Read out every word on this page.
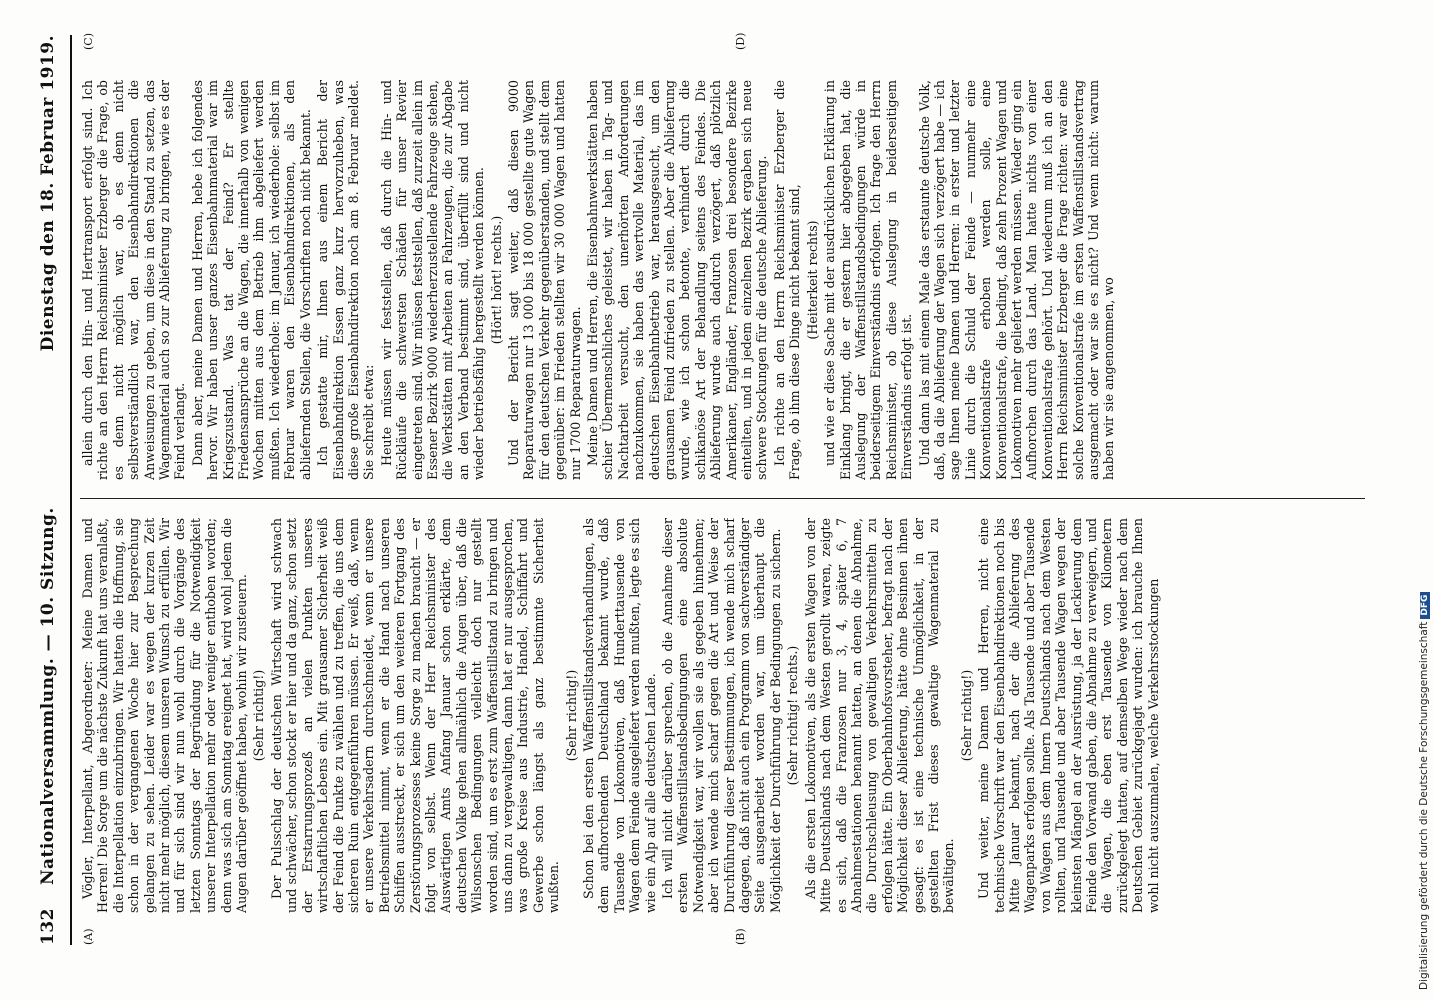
132
Nationalversammlung. — 10. Sitzung.
Dienstag den 18. Februar 1919.
(A)	(B)
(C)	(D)

Vögler, Interpellant, Abgeordneter: Meine Damen und Herren! Die Sorge um die nächste Zukunft hat uns veranlaßt, die Interpellation einzubringen. Wir hatten die Hoffnung, sie schon in der vergangenen Woche hier zur Besprechung gelangen zu sehen. Leider war es wegen der kurzen Zeit nicht mehr möglich, diesem unseren Wunsch zu erfüllen. Wir und für sich sind wir nun wohl durch die Vorgänge des letzten Sonntags der Begründung für die Notwendigkeit unserer Interpellation mehr oder weniger enthoben worden; denn was sich am Sonntag ereignet hat, wird wohl jedem die Augen darüber geöffnet haben, wohin wir zusteuern. (Sehr richtig!) Der Pulsschlag der deutschen Wirtschaft wird schwach und schwächer, schon stockt er hier und da ganz, schon setzt der Erstarrungsprozeß an vielen Punkten unseres wirtschaftlichen Lebens ein. Mit grausamer Sicherheit weiß der Feind die Punkte zu wählen und zu treffen, die uns dem sicheren Ruin entgegenführen müssen. Er weiß, daß, wenn er unsere Verkehrsadern durchschneidet, wenn er unsere Betriebsmittel nimmt, wenn er die Hand nach unseren Schiffen ausstreckt, er sich um den weiteren Fortgang des Zerstörungsprozesses keine Sorge zu machen braucht — er folgt von selbst. Wenn der Herr Reichsminister des Auswärtigen Amts Anfang Januar schon erklärte, dem deutschen Volke gehen allmählich die Augen über, daß die Wilsonschen Bedingungen vielleicht doch nur gestellt worden sind, um es erst zum Waffenstillstand zu bringen und uns dann zu vergewaltigen, dann hat er nur ausgesprochen, was große Kreise aus Industrie, Handel, Schiffahrt und Gewerbe schon längst als ganz bestimmte Sicherheit wußten.

(Sehr richtig!) Schon bei den ersten Waffenstillstandsverhandlungen, als dem aufhorchenden Deutschland bekannt wurde, daß Tausende von Lokomotiven, daß Hunderttausende von Wagen dem Feinde ausgeliefert werden mußten, legte es sich wie ein Alp auf alle deutschen Lande. Ich will nicht darüber sprechen, ob die Annahme dieser ersten Waffenstillstandsbedingungen eine absolute Notwendigkeit war, wir wollen sie als gegeben hinnehmen; aber ich wende mich scharf gegen die Art und Weise der Durchführung dieser Bestimmungen, ich wende mich scharf dagegen, daß nicht auch ein Programm von sachverständiger Seite ausgearbeitet worden war, um überhaupt die Möglichkeit der Durchführung der Bedingungen zu sichern. (Sehr richtig! rechts.) Als die ersten Lokomotiven, als die ersten Wagen von der Mitte Deutschlands nach dem Westen gerollt waren, zeigte es sich, daß die Franzosen nur 3, 4, später 6, 7 Abnahmestationen benannt hatten, an denen die Abnahme, die Durchschleusung von gewaltigen Verkehrsmitteln zu erfolgen hätte. Ein Oberbahnhofsvorsteher, befragt nach der Möglichkeit dieser Ablieferung, hätte ohne Besinnen ihnen gesagt: es ist eine technische Unmöglichkeit, in der gestellten Frist dieses gewaltige Wagenmaterial zu bewältigen.

(Sehr richtig!) Und weiter, meine Damen und Herren, nicht eine technische Vorschrift war den Eisenbahndirektionen noch bis Mitte Januar bekannt, nach der die Ablieferung des Wagenparks erfolgen sollte. Als Tausende und aber Tausende von Wagen aus dem Innern Deutschlands nach dem Westen rollten, und Tausende und aber Tausende Wagen wegen der kleinsten Mängel an der Ausrüstung, ja der Lackierung dem Feinde den Vorwand gaben, die Abnahme zu verweigern, und die Wagen, die eben erst Tausende von Kilometern zurückgelegt hatten, auf demselben Wege wieder nach dem Deutschen Gebiet zurückgejagt wurden: ich brauche Ihnen wohl nicht auszumalen, welche Verkehrsstockungen

allein durch den Hin- und Hertransport erfolgt sind. Ich richte an den Herrn Reichsminister Erzberger die Frage, ob es denn nicht möglich war, ob es denn nicht selbstverständlich war, den Eisenbahndirektionen die Anweisungen zu geben, um diese in den Stand zu setzen, das Wagenmaterial auch so zur Ablieferung zu bringen, wie es der Feind verlangt. Dann aber, meine Damen und Herren, hebe ich folgendes hervor. Wir haben unser ganzes Eisenbahnmaterial war im Kriegszustand. Was tat der Feind? Er stellte Friedensansprüche an die Wagen, die innerhalb von wenigen Wochen mitten aus dem Betrieb ihm abgeliefert werden mußten. Ich wiederhole: im Januar, ich wiederhole: selbst im Februar waren den Eisenbahndirektionen, als den abliefernden Stellen, die Vorschriften noch nicht bekannt. Ich gestatte mir, Ihnen aus einem Bericht der Eisenbahndirektion Essen ganz kurz hervorzuheben, was diese große Eisenbahndirektion noch am 8. Februar meldet. Sie schreibt etwa: Heute müssen wir feststellen, daß durch die Hin- und Rückläufe die schwersten Schäden für unser Revier eingetreten sind. Wir müssen feststellen, daß zurzeit allein im Essener Bezirk 9000 wiederherzustellende Fahrzeuge stehen, die Werkstätten mit Arbeiten an Fahrzeugen, die zur Abgabe an den Verband bestimmt sind, überfüllt sind und nicht wieder betriebsfähig hergestellt werden können. (Hört! hört! rechts.) Und der Bericht sagt weiter, daß diesen 9000 Reparaturwagen nur 13 000 bis 18 000 gestellte gute Wagen für den deutschen Verkehr gegenüberstanden, und stellt dem gegenüber: im Frieden stellten wir 30 000 Wagen und hatten nur 1700 Reparaturwagen. Meine Damen und Herren, die Eisenbahnwerkstätten haben schier Übermenschliches geleistet, wir haben in Tag- und Nachtarbeit versucht, den unerhörten Anforderungen nachzukommen, sie haben das wertvolle Material, das im deutschen Eisenbahnbetrieb war, herausgesucht, um den grausamen Feind zufrieden zu stellen. Aber die Ablieferung wurde, wie ich schon betonte, verhindert durch die schikanöse Art der Behandlung seitens des Feindes. Die Ablieferung wurde auch dadurch verzögert, daß plötzlich Amerikaner, Engländer, Franzosen drei besondere Bezirke einteilten, und in jedem einzelnen Bezirk ergaben sich neue schwere Stockungen für die deutsche Ablieferung. Ich richte an den Herrn Reichsminister Erzberger die Frage, ob ihm diese Dinge nicht bekannt sind, (Heiterkeit rechts) und wie er diese Sache mit der ausdrücklichen Erklärung in Einklang bringt, die er gestern hier abgegeben hat, die Auslegung der Waffenstillstandsbedingungen würde in beiderseitigem Einverständnis erfolgen. Ich frage den Herrn Reichsminister, ob diese Auslegung in beiderseitigem Einverständnis erfolgt ist. Und dann las mit einem Male das erstaunte deutsche Volk, daß, da die Ablieferung der Wagen sich verzögert habe — ich sage Ihnen meine Damen und Herren: in erster und letzter Linie durch die Schuld der Feinde — nunmehr eine Konventionalstrafe erhoben werden solle, eine Konventionalstrafe, die bedingt, daß zehn Prozent Wagen und Lokomotiven mehr geliefert werden müssen. Wieder ging ein Aufhorchen durch das Land. Man hatte nichts von einer Konventionalstrafe gehört. Und wiederum muß ich an den Herrn Reichsminister Erzberger die Frage richten: war eine solche Konventionalstrafe im ersten Waffenstillstandsvertrag ausgemacht oder war sie es nicht? Und wenn nicht: warum haben wir sie angenommen, wo

Digitalisierung gefördert durch die Deutsche ForschungsgemeinschaftDFG
